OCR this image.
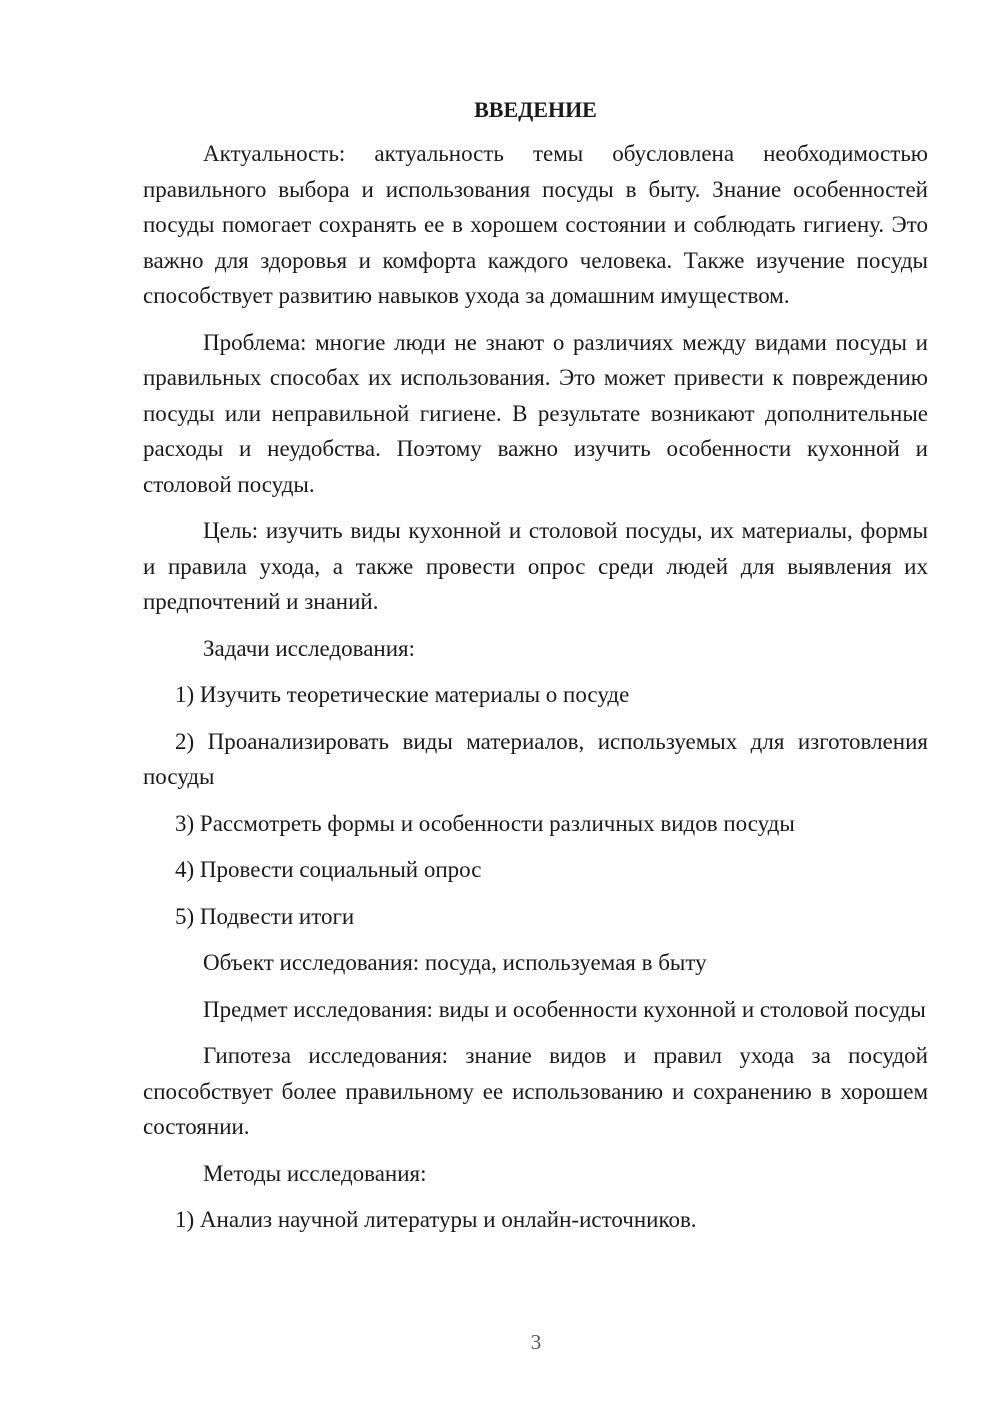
ВВЕДЕНИЕ

Актуальность: актуальность темы обусловлена необходимостью правильного выбора и использования посуды в быту. Знание особенностей посуды помогает сохранять ее в хорошем состоянии и соблюдать гигиену. Это важно для здоровья и комфорта каждого человека. Также изучение посуды способствует развитию навыков ухода за домашним имуществом.

Проблема: многие люди не знают о различиях между видами посуды и правильных способах их использования. Это может привести к повреждению посуды или неправильной гигиене. В результате возникают дополнительные расходы и неудобства. Поэтому важно изучить особенности кухонной и столовой посуды.

Цель: изучить виды кухонной и столовой посуды, их материалы, формы и правила ухода, а также провести опрос среди людей для выявления их предпочтений и знаний.

Задачи исследования:

1) Изучить теоретические материалы о посуде

2) Проанализировать виды материалов, используемых для изготовления посуды

3) Рассмотреть формы и особенности различных видов посуды

4) Провести социальный опрос

5) Подвести итоги

Объект исследования: посуда, используемая в быту

Предмет исследования: виды и особенности кухонной и столовой посуды

Гипотеза исследования: знание видов и правил ухода за посудой способствует более правильному ее использованию и сохранению в хорошем состоянии.

Методы исследования:

1) Анализ научной литературы и онлайн-источников.

3
